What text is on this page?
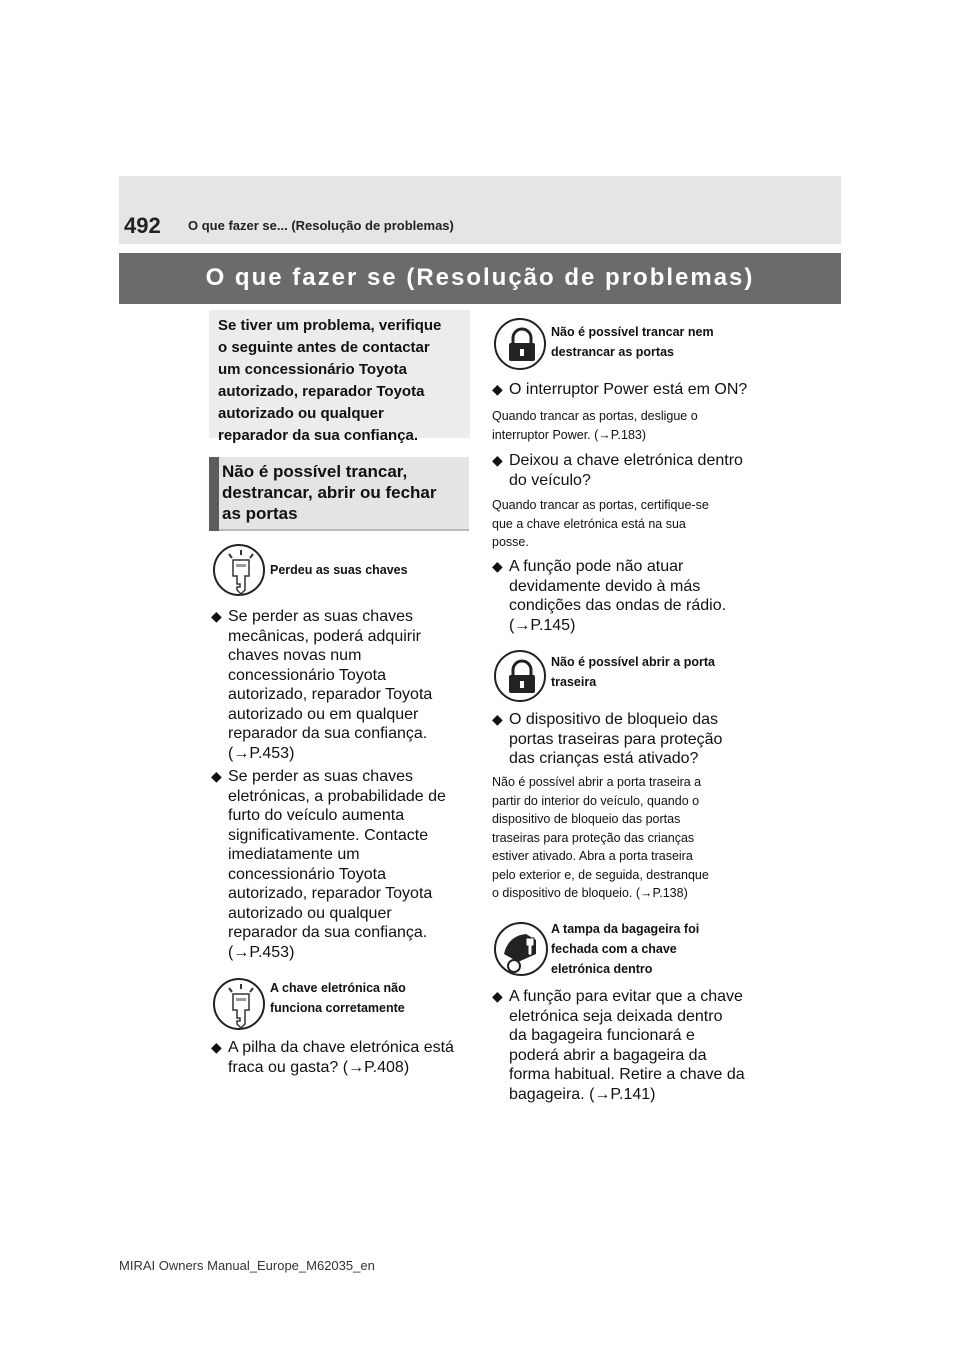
492 O que fazer se... (Resolução de problemas)
O que fazer se (Resolução de problemas)
Se tiver um problema, verifique
o seguinte antes de contactar
um concessionário Toyota
autorizado, reparador Toyota
autorizado ou qualquer
reparador da sua confiança.
Não é possível trancar,
destrancar, abrir ou fechar
as portas
Perdeu as suas chaves
◆ Se perder as suas chaves
mecânicas, poderá adquirir
chaves novas num
concessionário Toyota
autorizado, reparador Toyota
autorizado ou em qualquer
reparador da sua confiança.
(→P.453)
◆ Se perder as suas chaves
eletrónicas, a probabilidade de
furto do veículo aumenta
significativamente. Contacte
imediatamente um
concessionário Toyota
autorizado, reparador Toyota
autorizado ou qualquer
reparador da sua confiança.
(→P.453)
A chave eletrónica não
funciona corretamente
◆ A pilha da chave eletrónica está
fraca ou gasta? (→P.408)
Não é possível trancar nem
destrancar as portas
◆ O interruptor Power está em ON?
Quando trancar as portas, desligue o
interruptor Power. (→P.183)
◆ Deixou a chave eletrónica dentro
do veículo?
Quando trancar as portas, certifique-se
que a chave eletrónica está na sua
posse.
◆ A função pode não atuar
devidamente devido à más
condições das ondas de rádio.
(→P.145)
Não é possível abrir a porta
traseira
◆ O dispositivo de bloqueio das
portas traseiras para proteção
das crianças está ativado?
Não é possível abrir a porta traseira a
partir do interior do veículo, quando o
dispositivo de bloqueio das portas
traseiras para proteção das crianças
estiver ativado. Abra a porta traseira
pelo exterior e, de seguida, destranque
o dispositivo de bloqueio. (→P.138)
A tampa da bagageira foi
fechada com a chave
eletrónica dentro
◆ A função para evitar que a chave
eletrónica seja deixada dentro
da bagageira funcionará e
poderá abrir a bagageira da
forma habitual. Retire a chave da
bagageira. (→P.141)
MIRAI Owners Manual_Europe_M62035_en
